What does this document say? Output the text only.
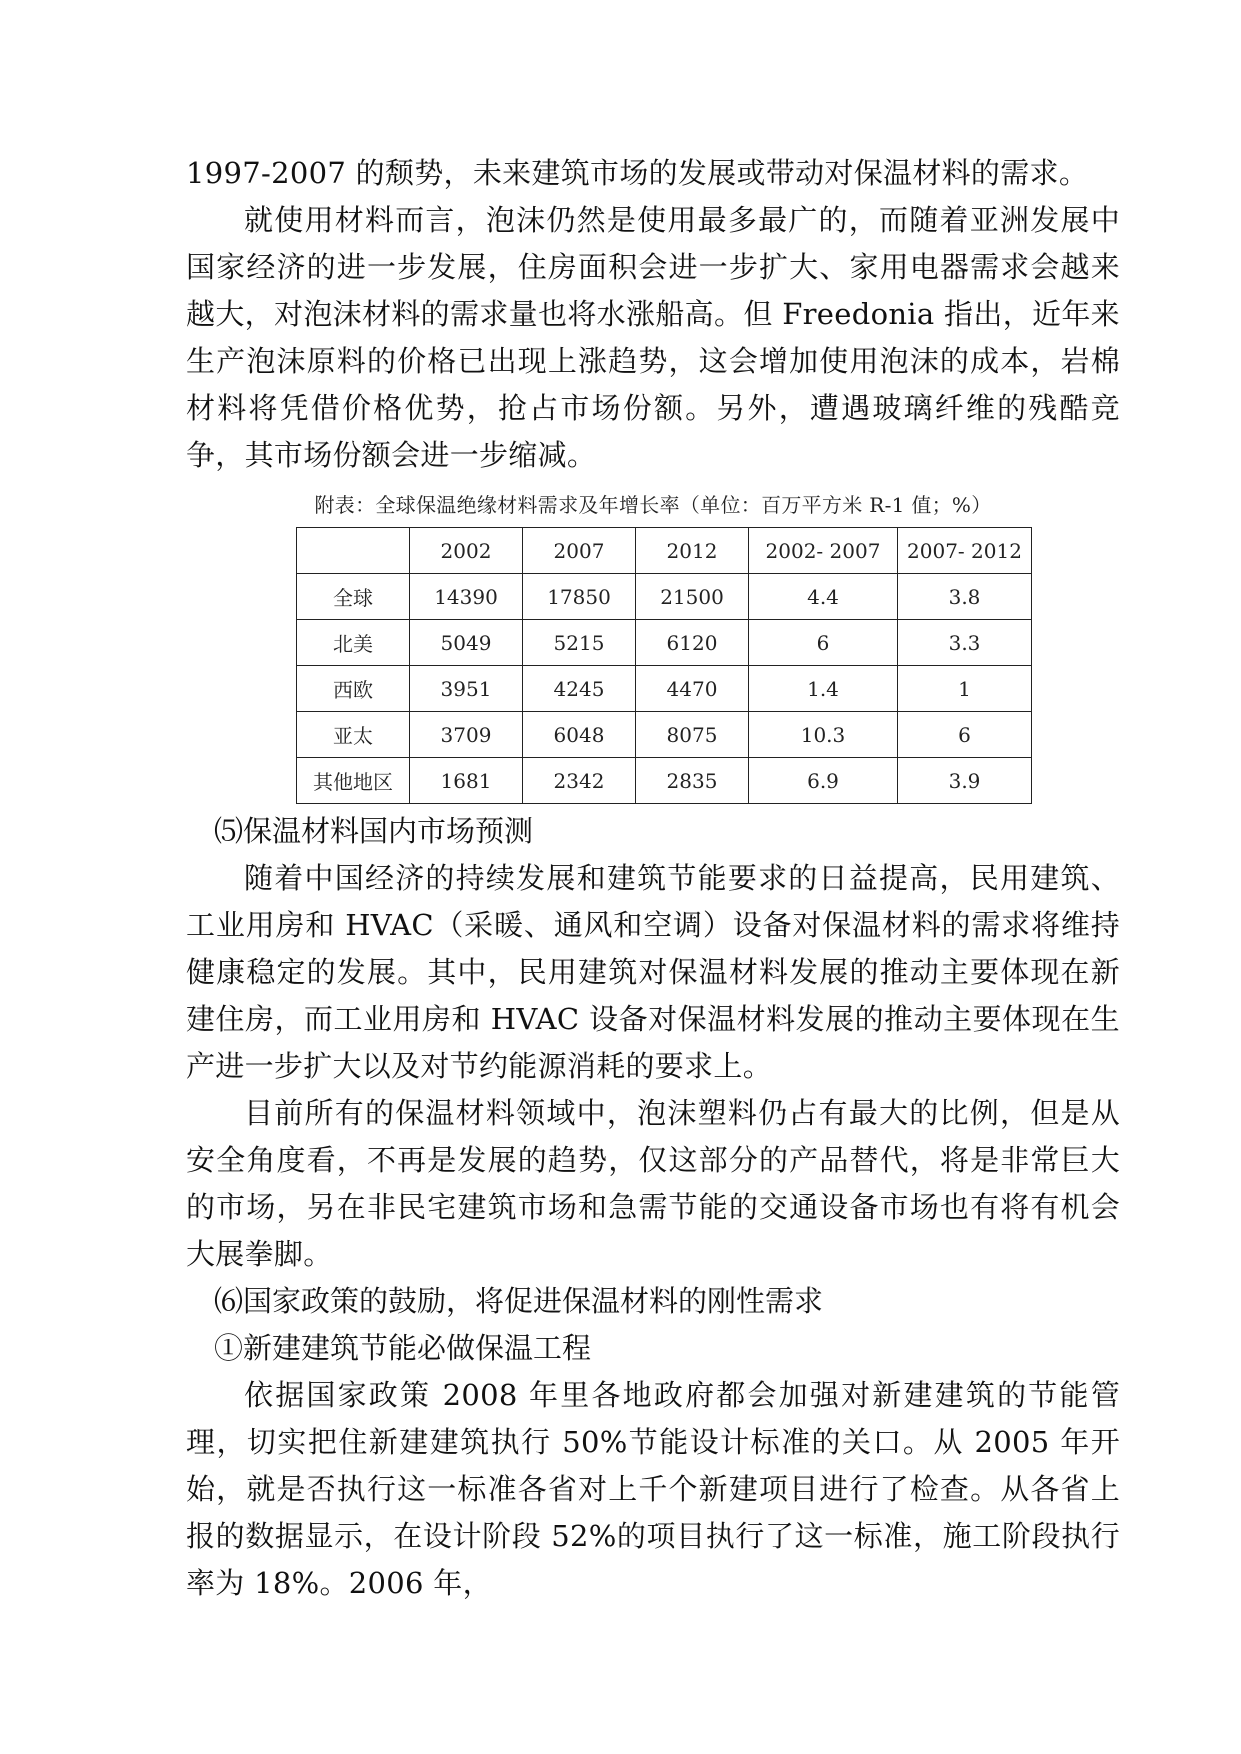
1997-2007 的颓势，未来建筑市场的发展或带动对保温材料的需求。

就使用材料而言，泡沫仍然是使用最多最广的，而随着亚洲发展中国家经济的进一步发展，住房面积会进一步扩大、家用电器需求会越来越大，对泡沫材料的需求量也将水涨船高。但 Freedonia 指出，近年来生产泡沫原料的价格已出现上涨趋势，这会增加使用泡沫的成本，岩棉材料将凭借价格优势，抢占市场份额。另外，遭遇玻璃纤维的残酷竞争，其市场份额会进一步缩减。

附表：全球保温绝缘材料需求及年增长率（单位：百万平方米 R-1 值；%）
	2002	2007	2012	2002- 2007	2007- 2012
全球	14390	17850	21500	4.4	3.8
北美	5049	5215	6120	6	3.3
西欧	3951	4245	4470	1.4	1
亚太	3709	6048	8075	10.3	6
其他地区	1681	2342	2835	6.9	3.9

⑸保温材料国内市场预测

随着中国经济的持续发展和建筑节能要求的日益提高，民用建筑、工业用房和 HVAC（采暖、通风和空调）设备对保温材料的需求将维持健康稳定的发展。其中，民用建筑对保温材料发展的推动主要体现在新建住房，而工业用房和 HVAC 设备对保温材料发展的推动主要体现在生产进一步扩大以及对节约能源消耗的要求上。

目前所有的保温材料领域中，泡沫塑料仍占有最大的比例，但是从安全角度看，不再是发展的趋势，仅这部分的产品替代，将是非常巨大的市场，另在非民宅建筑市场和急需节能的交通设备市场也有将有机会大展拳脚。

⑹国家政策的鼓励，将促进保温材料的刚性需求

①新建建筑节能必做保温工程

依据国家政策 2008 年里各地政府都会加强对新建建筑的节能管理，切实把住新建建筑执行 50%节能设计标准的关口。从 2005 年开始，就是否执行这一标准各省对上千个新建项目进行了检查。从各省上报的数据显示，在设计阶段 52%的项目执行了这一标准，施工阶段执行率为 18%。2006 年，
